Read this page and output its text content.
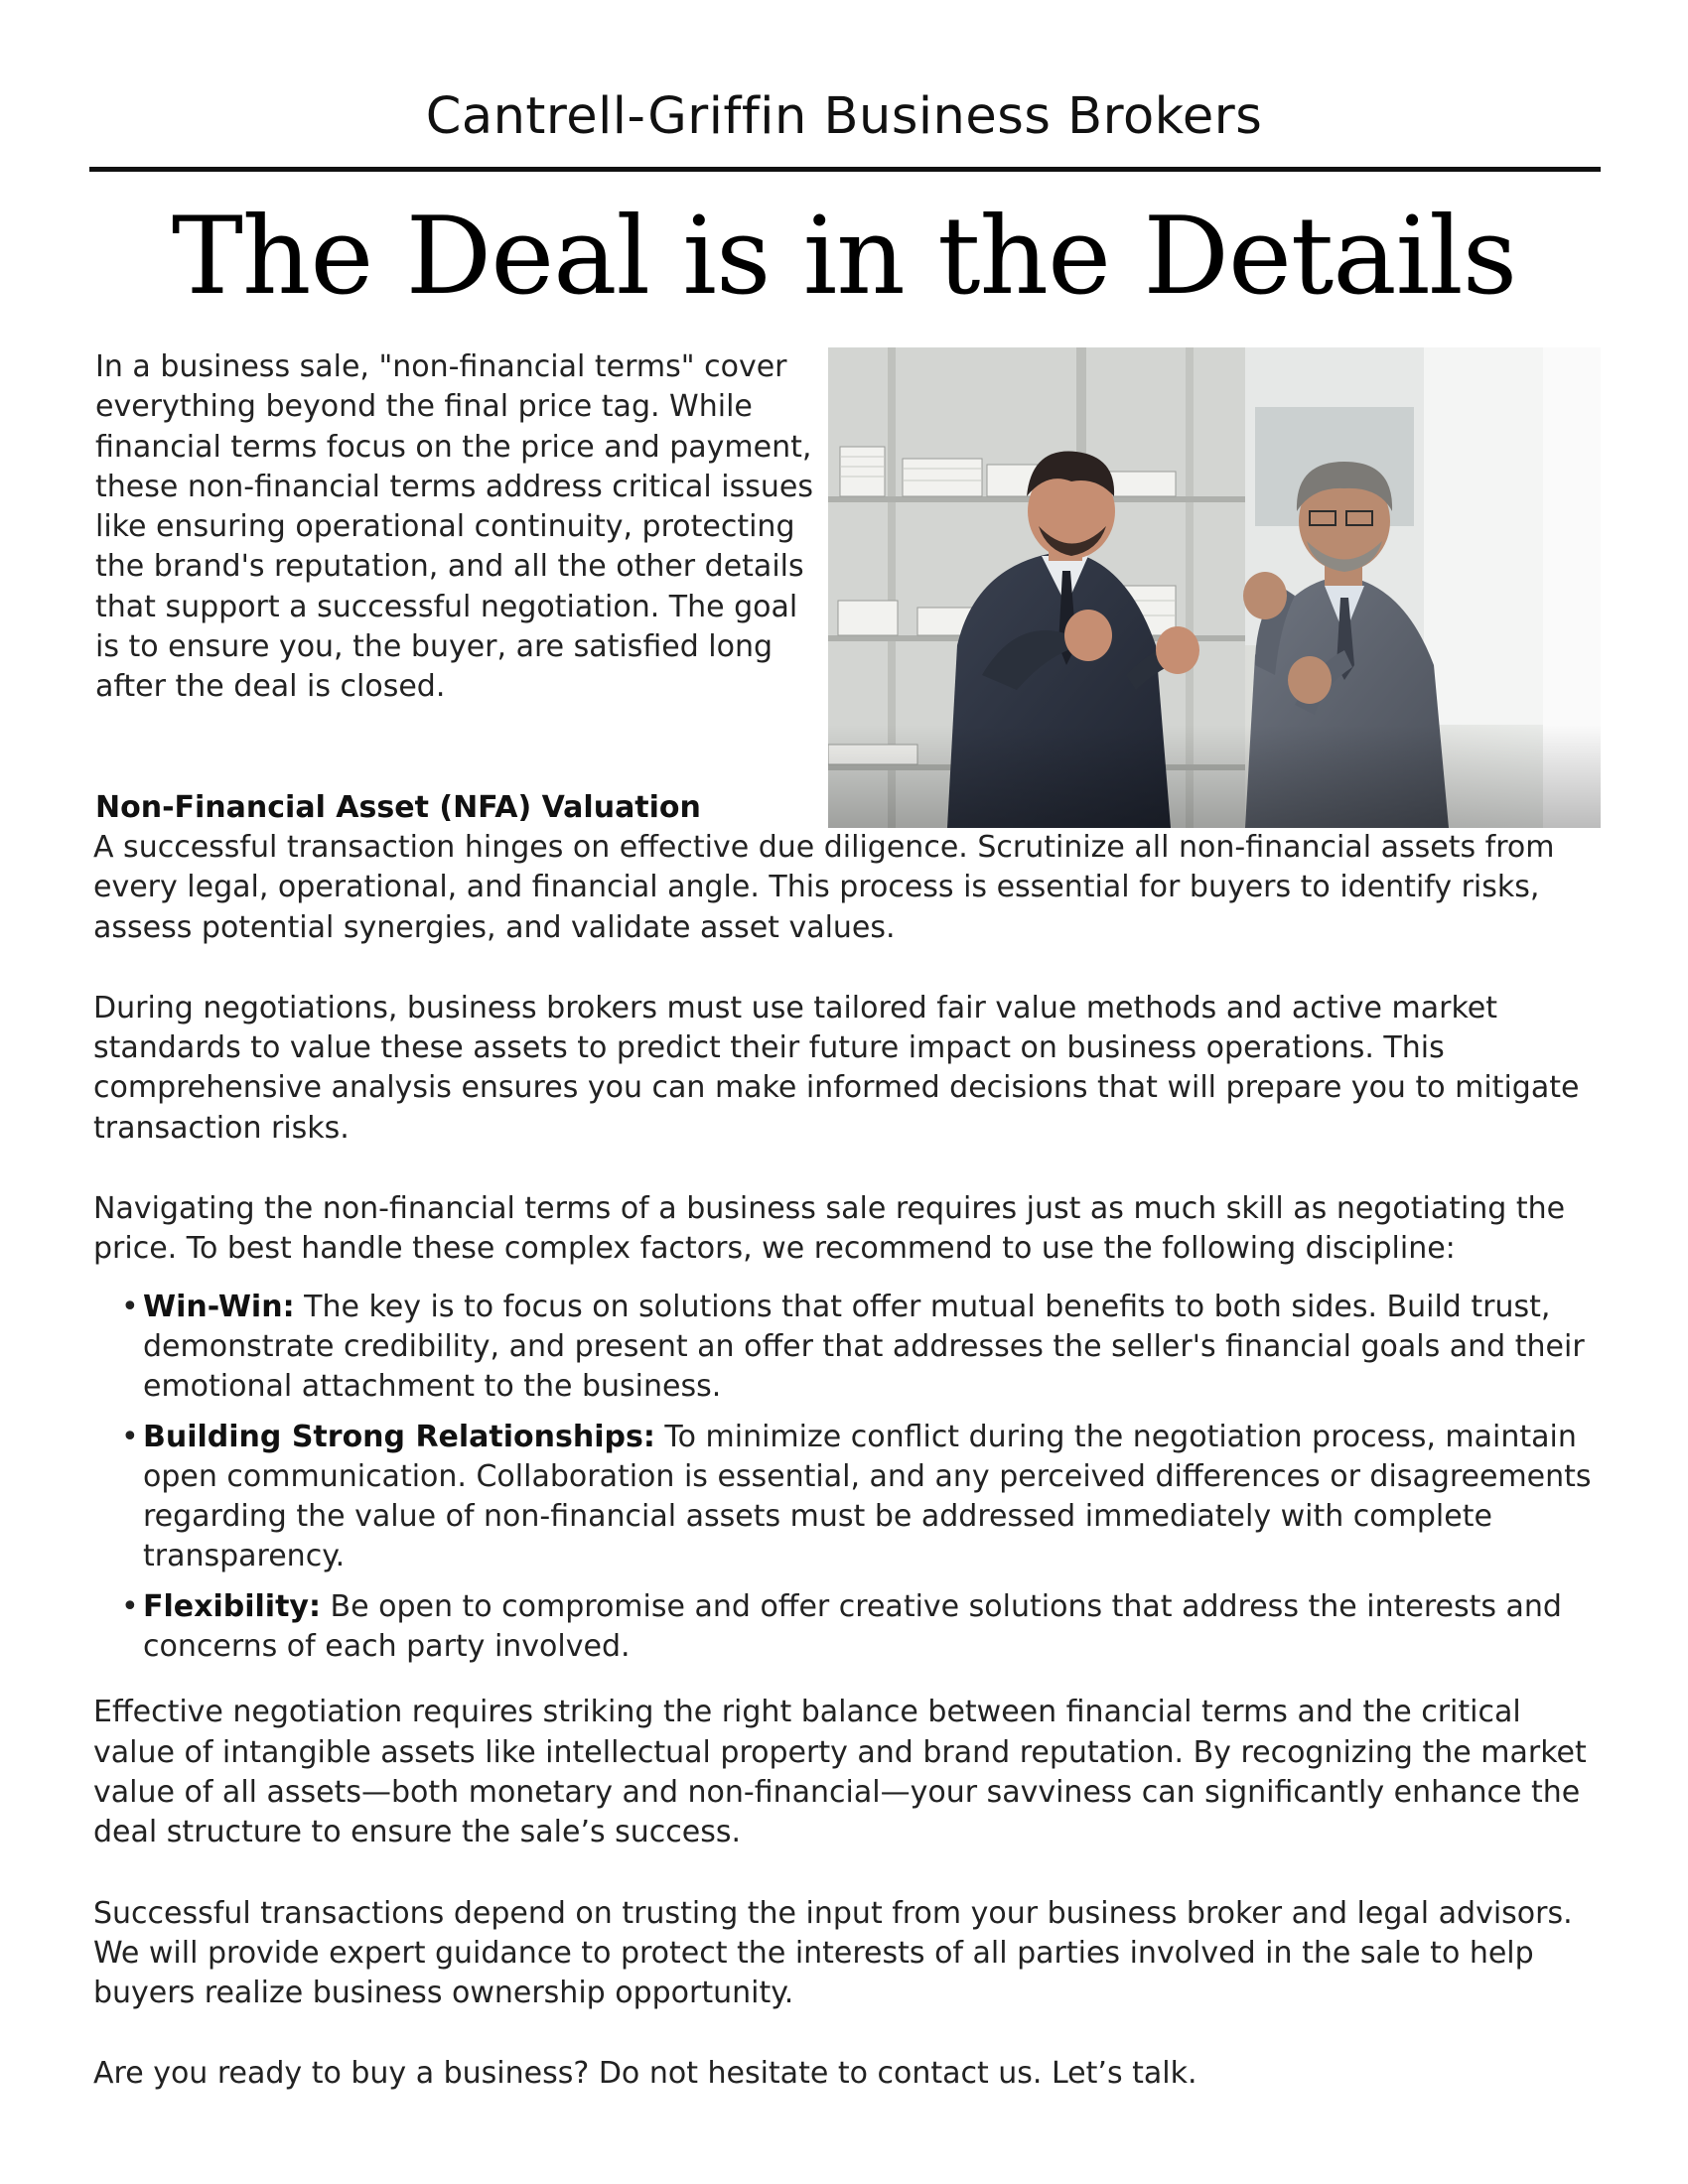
Cantrell-Griffin Business Brokers
The Deal is in the Details

In a business sale, "non-financial terms" cover everything beyond the final price tag. While financial terms focus on the price and payment, these non-financial terms address critical issues like ensuring operational continuity, protecting the brand's reputation, and all the other details that support a successful negotiation. The goal is to ensure you, the buyer, are satisfied long after the deal is closed.

Non-Financial Asset (NFA) Valuation

A successful transaction hinges on effective due diligence. Scrutinize all non-financial assets from every legal, operational, and financial angle. This process is essential for buyers to identify risks, assess potential synergies, and validate asset values.

During negotiations, business brokers must use tailored fair value methods and active market standards to value these assets to predict their future impact on business operations. This comprehensive analysis ensures you can make informed decisions that will prepare you to mitigate transaction risks.

Navigating the non-financial terms of a business sale requires just as much skill as negotiating the price. To best handle these complex factors, we recommend to use the following discipline:

• Win-Win: The key is to focus on solutions that offer mutual benefits to both sides. Build trust, demonstrate credibility, and present an offer that addresses the seller's financial goals and their emotional attachment to the business.
• Building Strong Relationships: To minimize conflict during the negotiation process, maintain open communication. Collaboration is essential, and any perceived differences or disagreements regarding the value of non-financial assets must be addressed immediately with complete transparency.
• Flexibility: Be open to compromise and offer creative solutions that address the interests and concerns of each party involved.

Effective negotiation requires striking the right balance between financial terms and the critical value of intangible assets like intellectual property and brand reputation. By recognizing the market value of all assets—both monetary and non-financial—your savviness can significantly enhance the deal structure to ensure the sale’s success.

Successful transactions depend on trusting the input from your business broker and legal advisors. We will provide expert guidance to protect the interests of all parties involved in the sale to help buyers realize business ownership opportunity.

Are you ready to buy a business? Do not hesitate to contact us. Let’s talk.
